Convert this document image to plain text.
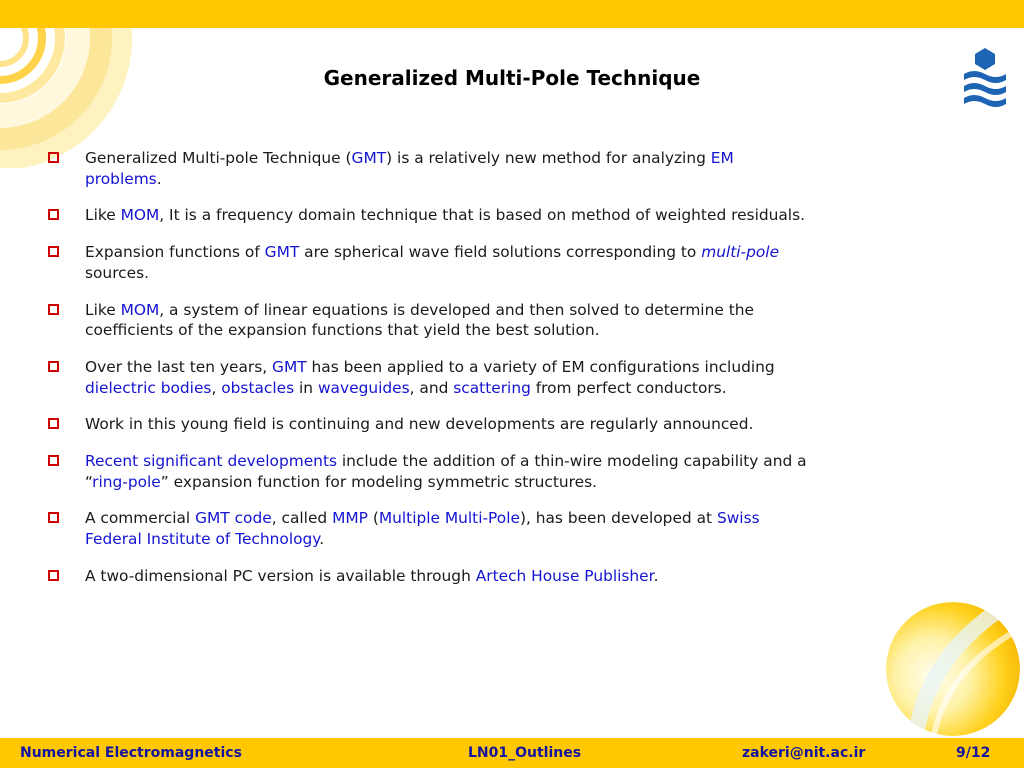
Generalized Multi-Pole Technique
Generalized Multi-pole Technique (GMT) is a relatively new method for analyzing EM problems.
Like MOM, It is a frequency domain technique that is based on method of weighted residuals.
Expansion functions of GMT are spherical wave field solutions corresponding to multi-pole sources.
Like MOM, a system of linear equations is developed and then solved to determine the coefficients of the expansion functions that yield the best solution.
Over the last ten years, GMT has been applied to a variety of EM configurations including dielectric bodies, obstacles in waveguides, and scattering from perfect conductors.
Work in this young field is continuing and new developments are regularly announced.
Recent significant developments include the addition of a thin-wire modeling capability and a “ring-pole” expansion function for modeling symmetric structures.
A commercial GMT code, called MMP (Multiple Multi-Pole), has been developed at Swiss Federal Institute of Technology.
A two-dimensional PC version is available through Artech House Publisher.
Numerical Electromagnetics	LN01_Outlines	zakeri@nit.ac.ir	9/12
